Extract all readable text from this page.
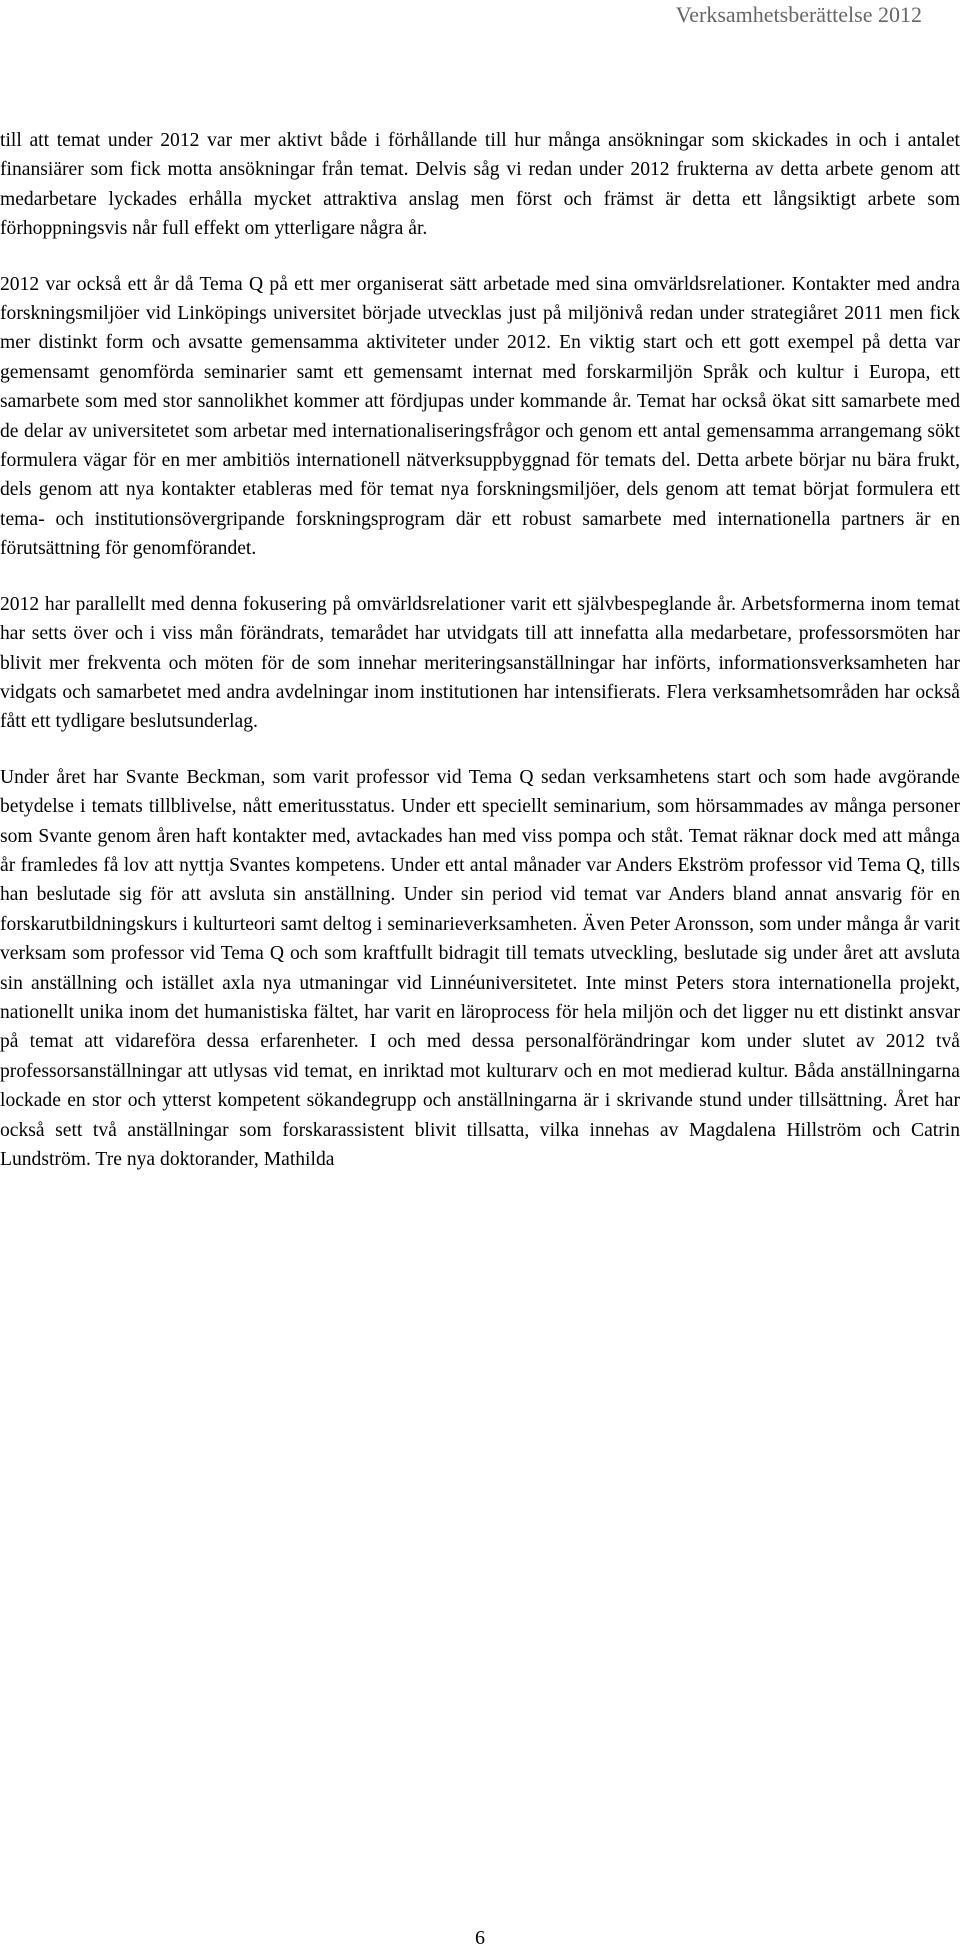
Verksamhetsberättelse 2012

till att temat under 2012 var mer aktivt både i förhållande till hur många ansökningar som skickades in och i antalet finansiärer som fick motta ansökningar från temat. Delvis såg vi redan under 2012 frukterna av detta arbete genom att medarbetare lyckades erhålla mycket attraktiva anslag men först och främst är detta ett långsiktigt arbete som förhoppningsvis når full effekt om ytterligare några år.

2012 var också ett år då Tema Q på ett mer organiserat sätt arbetade med sina omvärldsrelationer. Kontakter med andra forskningsmiljöer vid Linköpings universitet började utvecklas just på miljönivå redan under strategiåret 2011 men fick mer distinkt form och avsatte gemensamma aktiviteter under 2012. En viktig start och ett gott exempel på detta var gemensamt genomförda seminarier samt ett gemensamt internat med forskarmiljön Språk och kultur i Europa, ett samarbete som med stor sannolikhet kommer att fördjupas under kommande år. Temat har också ökat sitt samarbete med de delar av universitetet som arbetar med internationaliseringsfrågor och genom ett antal gemensamma arrangemang sökt formulera vägar för en mer ambitiös internationell nätverksuppbyggnad för temats del. Detta arbete börjar nu bära frukt, dels genom att nya kontakter etableras med för temat nya forskningsmiljöer, dels genom att temat börjat formulera ett tema- och institutionsövergripande forskningsprogram där ett robust samarbete med internationella partners är en förutsättning för genomförandet.

2012 har parallellt med denna fokusering på omvärldsrelationer varit ett självbespeglande år. Arbetsformerna inom temat har setts över och i viss mån förändrats, temarådet har utvidgats till att innefatta alla medarbetare, professorsmöten har blivit mer frekventa och möten för de som innehar meriteringsanställningar har införts, informationsverksamheten har vidgats och samarbetet med andra avdelningar inom institutionen har intensifierats. Flera verksamhetsområden har också fått ett tydligare beslutsunderlag.

Under året har Svante Beckman, som varit professor vid Tema Q sedan verksamhetens start och som hade avgörande betydelse i temats tillblivelse, nått emeritusstatus. Under ett speciellt seminarium, som hörsammades av många personer som Svante genom åren haft kontakter med, avtackades han med viss pompa och ståt. Temat räknar dock med att många år framledes få lov att nyttja Svantes kompetens. Under ett antal månader var Anders Ekström professor vid Tema Q, tills han beslutade sig för att avsluta sin anställning. Under sin period vid temat var Anders bland annat ansvarig för en forskarutbildningskurs i kulturteori samt deltog i seminarieverksamheten. Även Peter Aronsson, som under många år varit verksam som professor vid Tema Q och som kraftfullt bidragit till temats utveckling, beslutade sig under året att avsluta sin anställning och istället axla nya utmaningar vid Linnéuniversitetet. Inte minst Peters stora internationella projekt, nationellt unika inom det humanistiska fältet, har varit en läroprocess för hela miljön och det ligger nu ett distinkt ansvar på temat att vidareföra dessa erfarenheter. I och med dessa personalförändringar kom under slutet av 2012 två professorsanställningar att utlysas vid temat, en inriktad mot kulturarv och en mot medierad kultur. Båda anställningarna lockade en stor och ytterst kompetent sökandegrupp och anställningarna är i skrivande stund under tillsättning. Året har också sett två anställningar som forskarassistent blivit tillsatta, vilka innehas av Magdalena Hillström och Catrin Lundström. Tre nya doktorander, Mathilda

6
